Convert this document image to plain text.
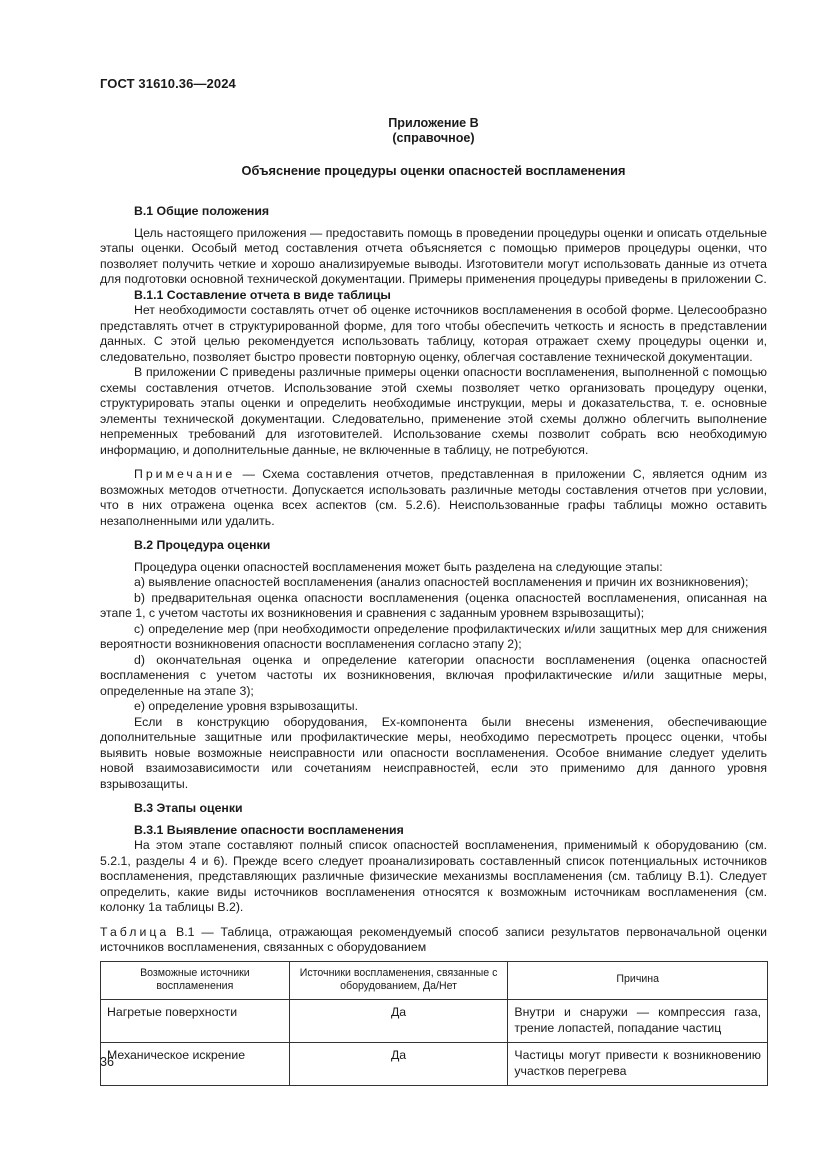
ГОСТ 31610.36—2024
Приложение B
(справочное)
Объяснение процедуры оценки опасностей воспламенения

B.1 Общие положения

Цель настоящего приложения — предоставить помощь в проведении процедуры оценки и описать отдельные этапы оценки. Особый метод составления отчета объясняется с помощью примеров процедуры оценки, что позволяет получить четкие и хорошо анализируемые выводы. Изготовители могут использовать данные из отчета для подготовки основной технической документации. Примеры применения процедуры приведены в приложении C.

B.1.1 Составление отчета в виде таблицы

Нет необходимости составлять отчет об оценке источников воспламенения в особой форме. Целесообразно представлять отчет в структурированной форме, для того чтобы обеспечить четкость и ясность в представлении данных. С этой целью рекомендуется использовать таблицу, которая отражает схему процедуры оценки и, следовательно, позволяет быстро провести повторную оценку, облегчая составление технической документации.

В приложении C приведены различные примеры оценки опасности воспламенения, выполненной с помощью схемы составления отчетов. Использование этой схемы позволяет четко организовать процедуру оценки, структурировать этапы оценки и определить необходимые инструкции, меры и доказательства, т. е. основные элементы технической документации. Следовательно, применение этой схемы должно облегчить выполнение непременных требований для изготовителей. Использование схемы позволит собрать всю необходимую информацию, и дополнительные данные, не включенные в таблицу, не потребуются.

Примечание — Схема составления отчетов, представленная в приложении C, является одним из возможных методов отчетности. Допускается использовать различные методы составления отчетов при условии, что в них отражена оценка всех аспектов (см. 5.2.6). Неиспользованные графы таблицы можно оставить незаполненными или удалить.

B.2 Процедура оценки

Процедура оценки опасностей воспламенения может быть разделена на следующие этапы:

a) выявление опасностей воспламенения (анализ опасностей воспламенения и причин их возникновения);

b) предварительная оценка опасности воспламенения (оценка опасностей воспламенения, описанная на этапе 1, с учетом частоты их возникновения и сравнения с заданным уровнем взрывозащиты);

c) определение мер (при необходимости определение профилактических и/или защитных мер для снижения вероятности возникновения опасности воспламенения согласно этапу 2);

d) окончательная оценка и определение категории опасности воспламенения (оценка опасностей воспламенения с учетом частоты их возникновения, включая профилактические и/или защитные меры, определенные на этапе 3);

e) определение уровня взрывозащиты.

Если в конструкцию оборудования, Ex-компонента были внесены изменения, обеспечивающие дополнительные защитные или профилактические меры, необходимо пересмотреть процесс оценки, чтобы выявить новые возможные неисправности или опасности воспламенения. Особое внимание следует уделить новой взаимозависимости или сочетаниям неисправностей, если это применимо для данного уровня взрывозащиты.

B.3 Этапы оценки

B.3.1 Выявление опасности воспламенения

На этом этапе составляют полный список опасностей воспламенения, применимый к оборудованию (см. 5.2.1, разделы 4 и 6). Прежде всего следует проанализировать составленный список потенциальных источников воспламенения, представляющих различные физические механизмы воспламенения (см. таблицу B.1). Следует определить, какие виды источников воспламенения относятся к возможным источникам воспламенения (см. колонку 1a таблицы B.2).

Таблица B.1 — Таблица, отражающая рекомендуемый способ записи результатов первоначальной оценки источников воспламенения, связанных с оборудованием

Возможные источники воспламенения	Источники воспламенения, связанные с оборудованием, Да/Нет	Причина
Нагретые поверхности	Да	Внутри и снаружи — компрессия газа, трение лопастей, попадание частиц
Механическое искрение	Да	Частицы могут привести к возникновению участков перегрева
36
